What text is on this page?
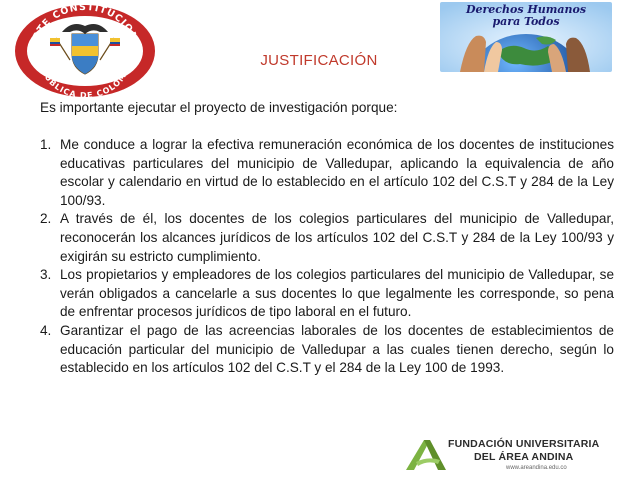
CORTE CONSTITUCIONAL
REPÚBLICA DE COLOMBIA
Derechos Humanos
para Todos
JUSTIFICACIÓN
Es importante ejecutar el proyecto de investigación porque:
1. Me conduce a lograr la efectiva remuneración económica de los docentes de instituciones educativas particulares del municipio de Valledupar, aplicando la equivalencia de año escolar y calendario en virtud de lo establecido en el artículo 102 del C.S.T y 284 de la Ley 100/93.
2. A través de él, los docentes de los colegios particulares del municipio de Valledupar, reconocerán los alcances jurídicos de los artículos 102 del C.S.T y 284 de la Ley 100/93 y exigirán su estricto cumplimiento.
3. Los propietarios y empleadores de los colegios particulares del municipio de Valledupar, se verán obligados a cancelarle a sus docentes lo que legalmente les corresponde, so pena de enfrentar procesos jurídicos de tipo laboral en el futuro.
4. Garantizar el pago de las acreencias laborales de los docentes de establecimientos de educación particular del municipio de Valledupar a las cuales tienen derecho, según lo establecido en los artículos 102 del C.S.T y el 284 de la Ley 100 de 1993.
FUNDACIÓN UNIVERSITARIA
DEL ÁREA ANDINA
www.areandina.edu.co
